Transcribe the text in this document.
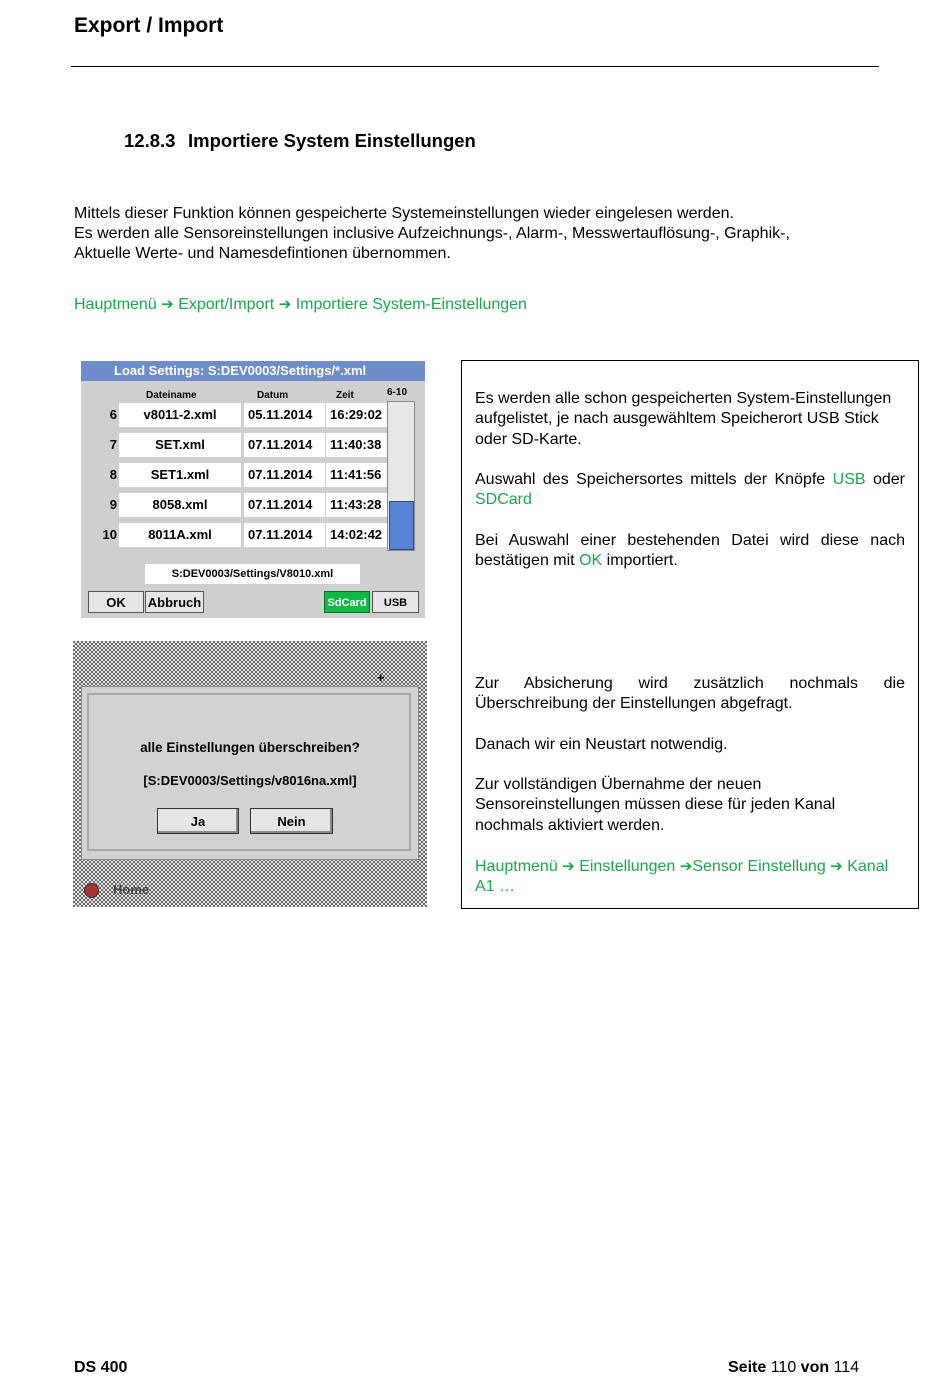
Export / Import
12.8.3 Importiere System Einstellungen
Mittels dieser Funktion können gespeicherte Systemeinstellungen wieder eingelesen werden.
Es werden alle Sensoreinstellungen inclusive Aufzeichnungs-, Alarm-, Messwertauflösung-, Graphik-,
Aktuelle Werte- und Namesdefintionen übernommen.
Hauptmenü ➔ Export/Import ➔ Importiere System-Einstellungen
Load Settings: S:DEV0003/Settings/*.xml
Dateiname	Datum	Zeit	6-10
6	v8011-2.xml	05.11.2014	16:29:02
7	SET.xml	07.11.2014	11:40:38
8	SET1.xml	07.11.2014	11:41:56
9	8058.xml	07.11.2014	11:43:28
10	8011A.xml	07.11.2014	14:02:42
S:DEV0003/Settings/V8010.xml
OK	Abbruch	SdCard	USB
+
alle Einstellungen überschreiben?
[S:DEV0003/Settings/v8016na.xml]
Ja	Nein
Home
Es werden alle schon gespeicherten System-Einstellungen aufgelistet, je nach ausgewähltem Speicherort USB Stick oder SD-Karte.
Auswahl des Speichersortes mittels der Knöpfe USB oder SDCard
Bei Auswahl einer bestehenden Datei wird diese nach bestätigen mit OK importiert.
Zur Absicherung wird zusätzlich nochmals die Überschreibung der Einstellungen abgefragt.
Danach wir ein Neustart notwendig.
Zur vollständigen Übernahme der neuen Sensoreinstellungen müssen diese für jeden Kanal nochmals aktiviert werden.
Hauptmenü ➔ Einstellungen ➔Sensor Einstellung ➔ Kanal A1 …
DS 400	Seite 110 von 114
